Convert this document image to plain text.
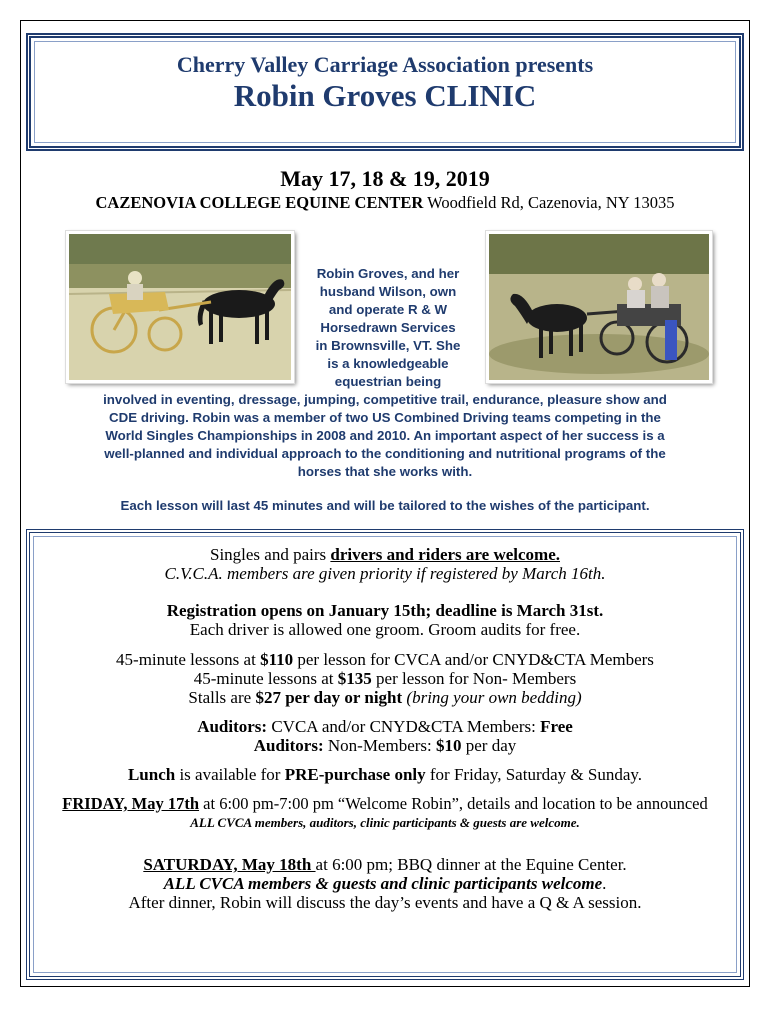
Cherry Valley Carriage Association presents
Robin Groves CLINIC
May 17, 18 & 19, 2019
CAZENOVIA COLLEGE EQUINE CENTER Woodfield Rd, Cazenovia, NY 13035
Robin Groves, and her
husband Wilson, own
and operate R & W
Horsedrawn Services
in Brownsville, VT. She
is a knowledgeable
equestrian being
involved in eventing, dressage, jumping, competitive trail, endurance, pleasure show and
CDE driving. Robin was a member of two US Combined Driving teams competing in the
World Singles Championships in 2008 and 2010. An important aspect of her success is a
well-planned and individual approach to the conditioning and nutritional programs of the
horses that she works with.
Each lesson will last 45 minutes and will be tailored to the wishes of the participant.
Singles and pairs drivers and riders are welcome.
C.V.C.A. members are given priority if registered by March 16th.
Registration opens on January 15th; deadline is March 31st.
Each driver is allowed one groom. Groom audits for free.
45-minute lessons at $110 per lesson for CVCA and/or CNYD&CTA Members
45-minute lessons at $135 per lesson for Non- Members
Stalls are $27 per day or night (bring your own bedding)
Auditors: CVCA and/or CNYD&CTA Members: Free
Auditors: Non-Members: $10 per day
Lunch is available for PRE-purchase only for Friday, Saturday & Sunday.
FRIDAY, May 17th at 6:00 pm-7:00 pm “Welcome Robin”, details and location to be announced
ALL CVCA members, auditors, clinic participants & guests are welcome.
SATURDAY, May 18th at 6:00 pm; BBQ dinner at the Equine Center.
ALL CVCA members & guests and clinic participants welcome.
After dinner, Robin will discuss the day’s events and have a Q & A session.
